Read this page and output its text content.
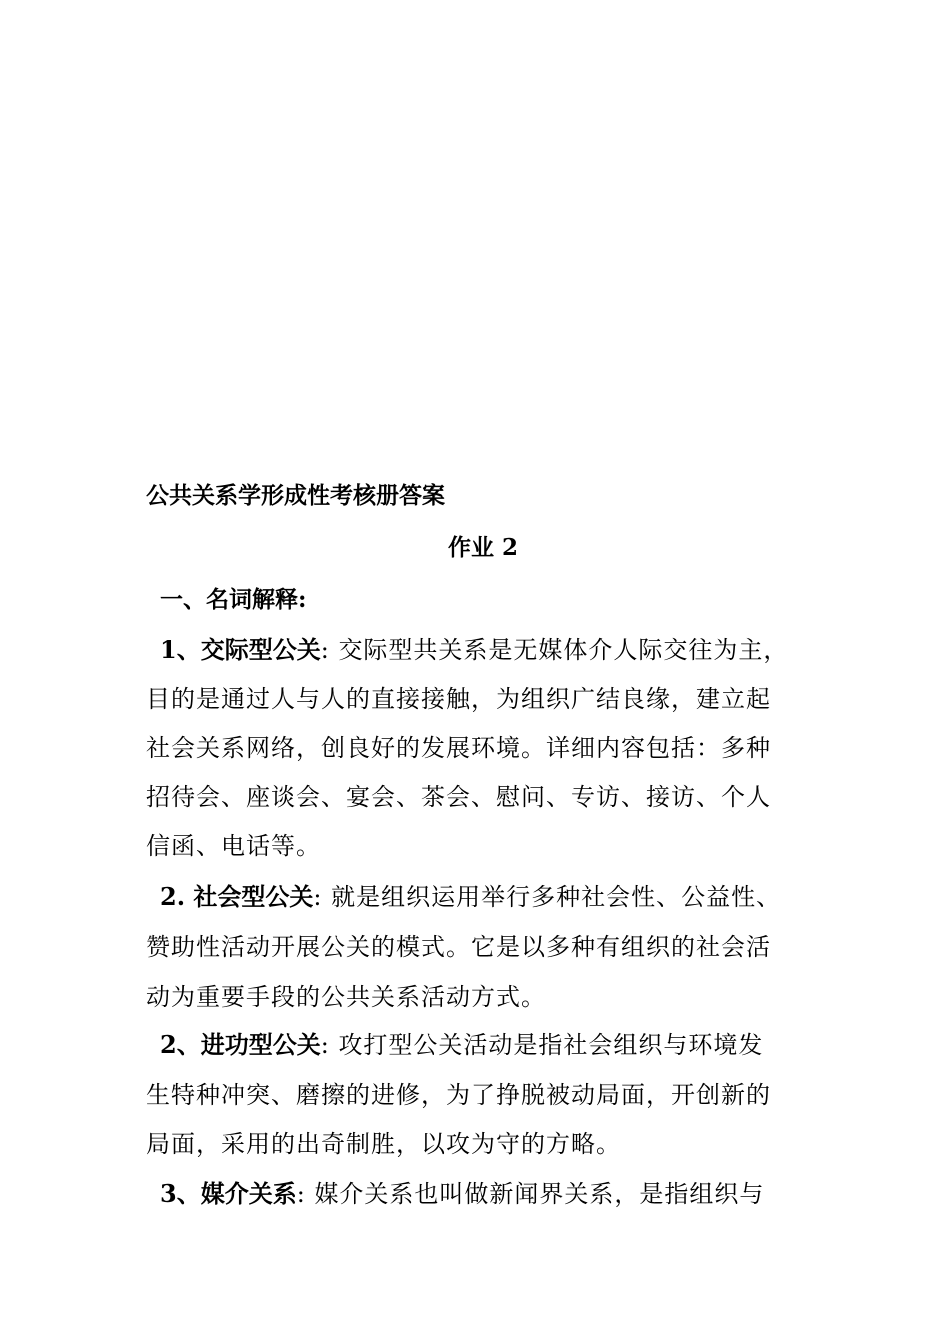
公共关系学形成性考核册答案
作业 2
一、名词解释:
1、交际型公关: 交际型共关系是无媒体介人际交往为主，
目的是通过人与人的直接接触，为组织广结良缘，建立起
社会关系网络，创良好的发展环境。详细内容包括：多种
招待会、座谈会、宴会、茶会、慰问、专访、接访、个人
信函、电话等。
2. 社会型公关: 就是组织运用举行多种社会性、公益性、
赞助性活动开展公关的模式。它是以多种有组织的社会活
动为重要手段的公共关系活动方式。
2、进功型公关: 攻打型公关活动是指社会组织与环境发
生特种冲突、磨擦的进修，为了挣脱被动局面，开创新的
局面，采用的出奇制胜，以攻为守的方略。
3、媒介关系: 媒介关系也叫做新闻界关系，是指组织与
